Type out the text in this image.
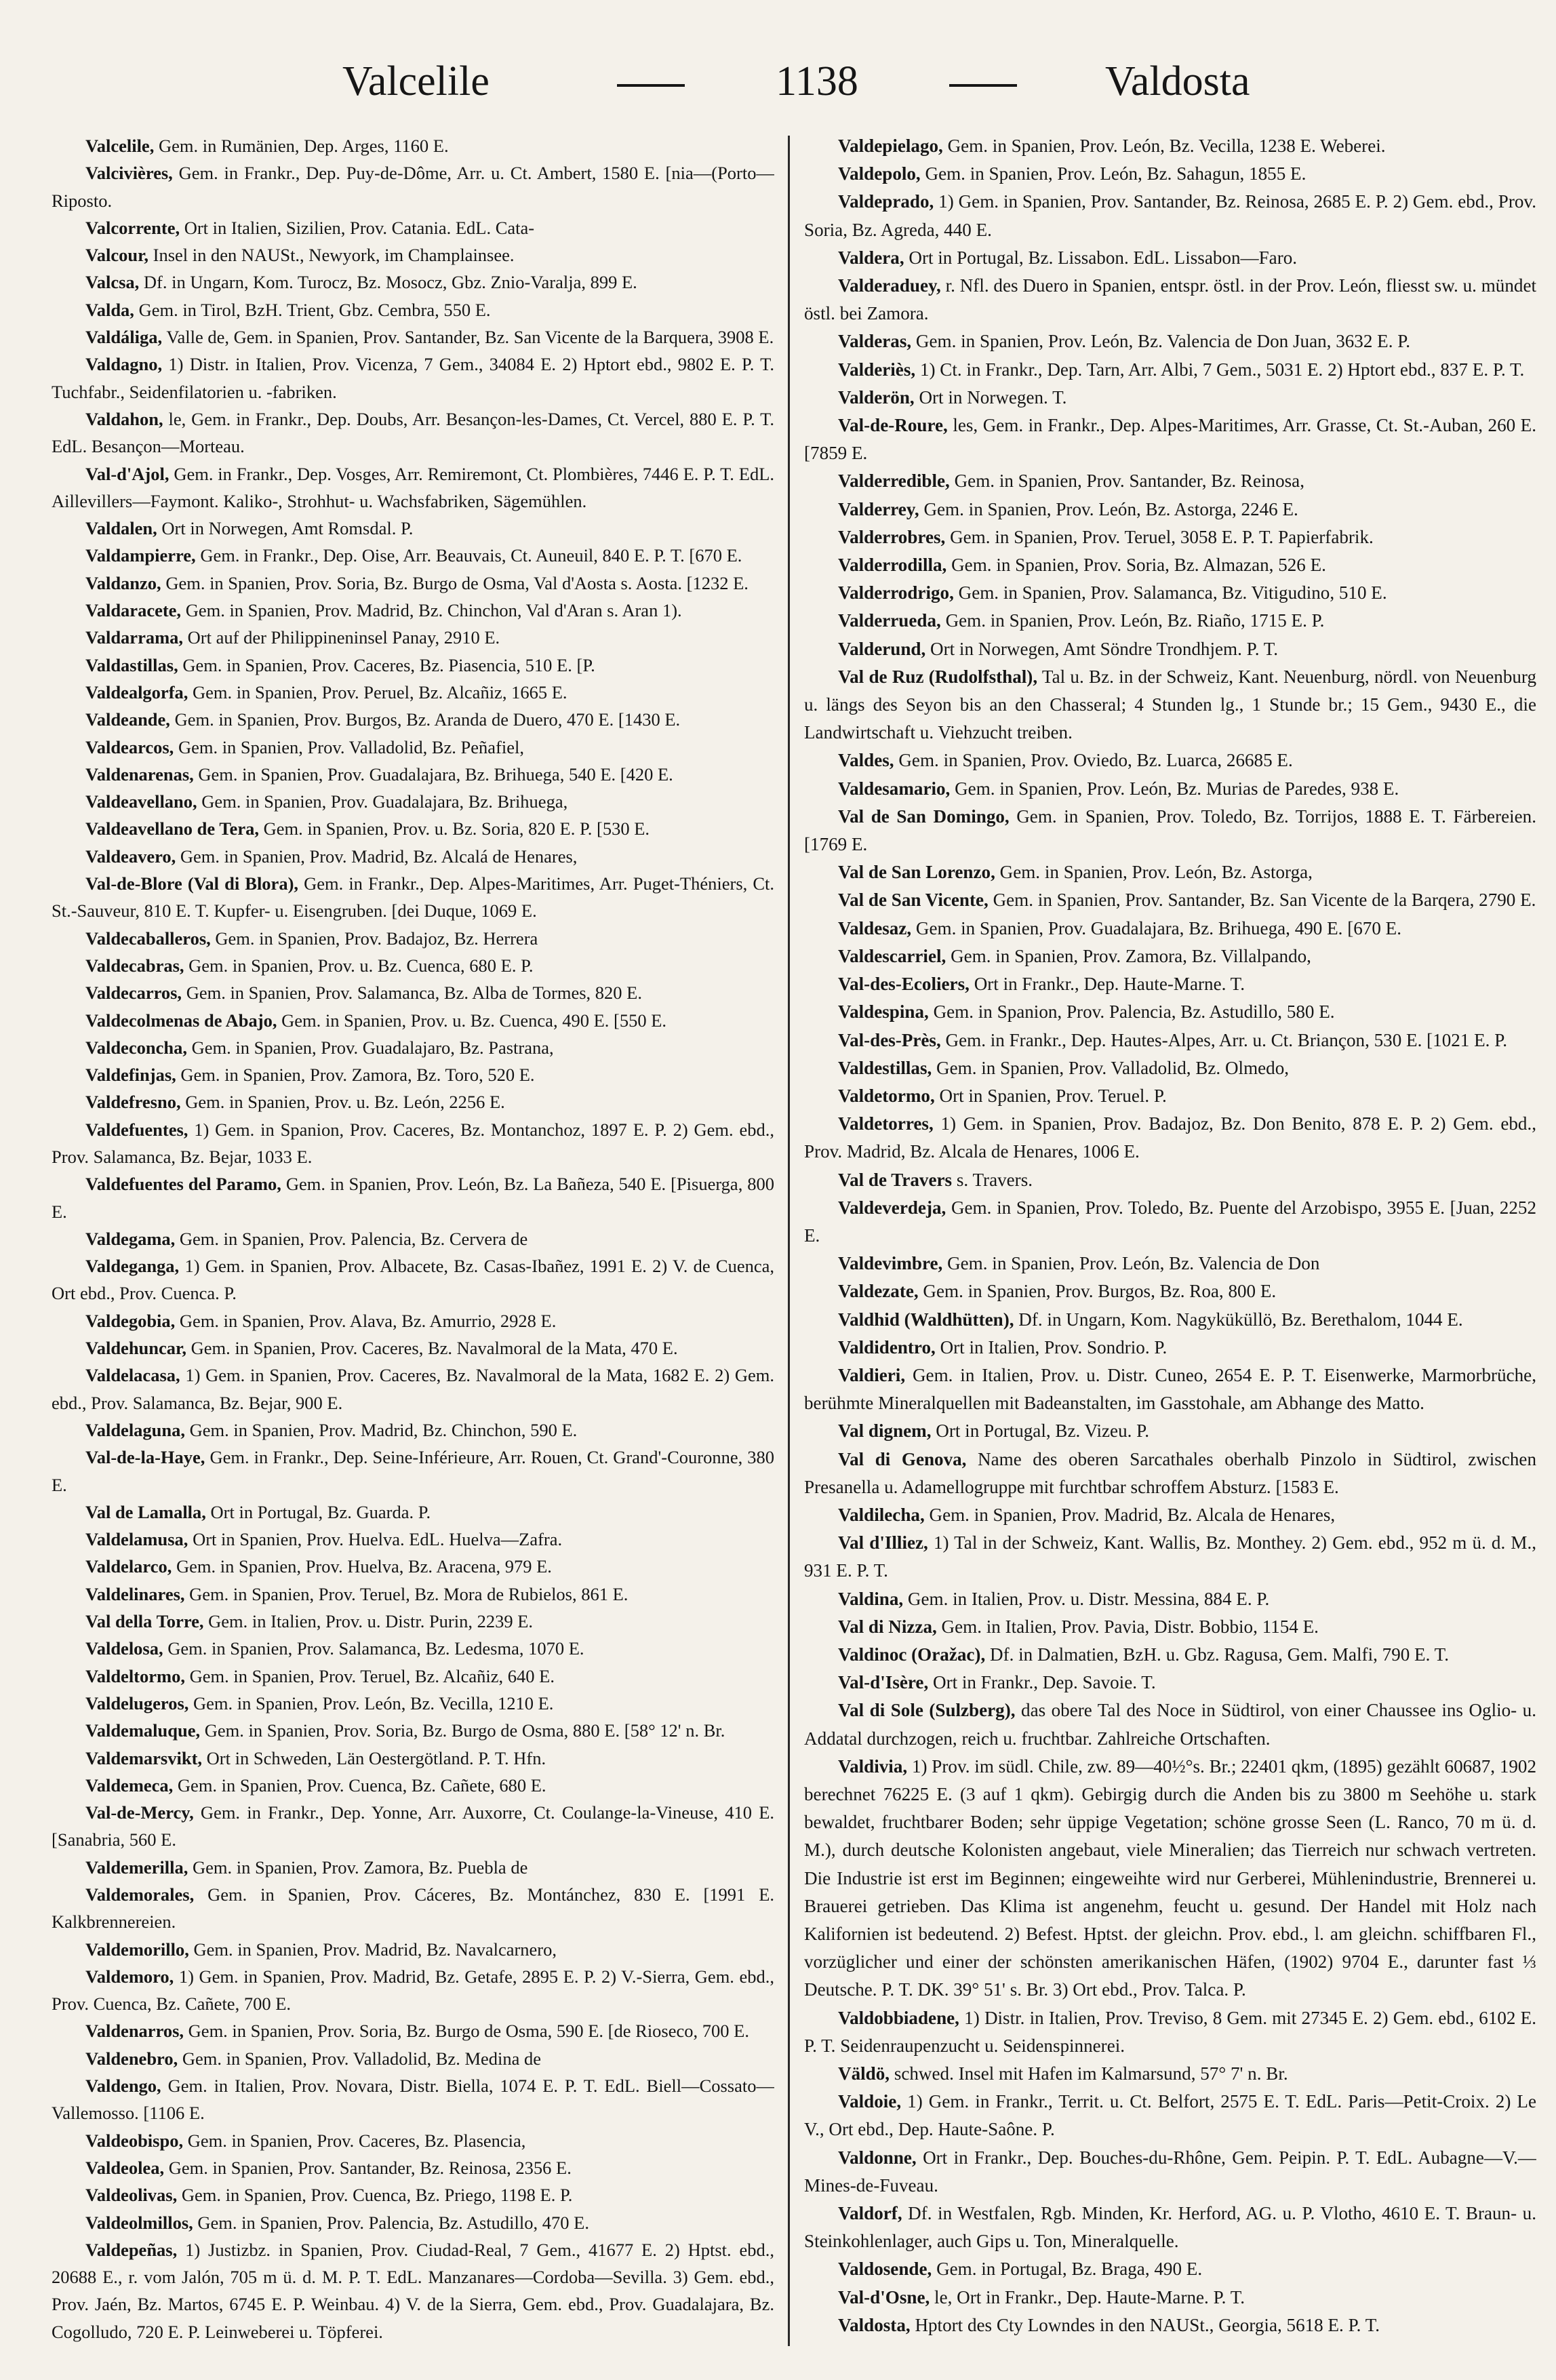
Valcelile	1138	Valdosta

Valcelile, Gem. in Rumänien, Dep. Arges, 1160 E.

Valcivières, Gem. in Frankr., Dep. Puy-de-Dôme, Arr. u. Ct. Ambert, 1580 E. [nia—(Porto—Riposto.

Valcorrente, Ort in Italien, Sizilien, Prov. Catania. EdL. Cata-

Valcour, Insel in den NAUSt., Newyork, im Champlainsee.

Valcsa, Df. in Ungarn, Kom. Turocz, Bz. Mosocz, Gbz. Znio-Varalja, 899 E.

Valda, Gem. in Tirol, BzH. Trient, Gbz. Cembra, 550 E.

Valdáliga, Valle de, Gem. in Spanien, Prov. Santander, Bz. San Vicente de la Barquera, 3908 E.

Valdagno, 1) Distr. in Italien, Prov. Vicenza, 7 Gem., 34084 E. 2) Hptort ebd., 9802 E. P. T. Tuchfabr., Seidenfilatorien u. -fabriken.

Valdahon, le, Gem. in Frankr., Dep. Doubs, Arr. Besançon-les-Dames, Ct. Vercel, 880 E. P. T. EdL. Besançon—Morteau.

Val-d'Ajol, Gem. in Frankr., Dep. Vosges, Arr. Remiremont, Ct. Plombières, 7446 E. P. T. EdL. Aillevillers—Faymont. Kaliko-, Strohhut- u. Wachsfabriken, Sägemühlen.

Valdalen, Ort in Norwegen, Amt Romsdal. P.

Valdampierre, Gem. in Frankr., Dep. Oise, Arr. Beauvais, Ct. Auneuil, 840 E. P. T. [670 E.

Valdanzo, Gem. in Spanien, Prov. Soria, Bz. Burgo de Osma, Val d'Aosta s. Aosta. [1232 E.

Valdaracete, Gem. in Spanien, Prov. Madrid, Bz. Chinchon, Val d'Aran s. Aran 1).

Valdarrama, Ort auf der Philippineninsel Panay, 2910 E.

Valdastillas, Gem. in Spanien, Prov. Caceres, Bz. Piasencia, 510 E. [P.

Valdealgorfa, Gem. in Spanien, Prov. Peruel, Bz. Alcañiz, 1665 E.

Valdeande, Gem. in Spanien, Prov. Burgos, Bz. Aranda de Duero, 470 E. [1430 E.

Valdearcos, Gem. in Spanien, Prov. Valladolid, Bz. Peñafiel,

Valdenarenas, Gem. in Spanien, Prov. Guadalajara, Bz. Brihuega, 540 E. [420 E.

Valdeavellano, Gem. in Spanien, Prov. Guadalajara, Bz. Brihuega,

Valdeavellano de Tera, Gem. in Spanien, Prov. u. Bz. Soria, 820 E. P. [530 E.

Valdeavero, Gem. in Spanien, Prov. Madrid, Bz. Alcalá de Henares,

Val-de-Blore (Val di Blora), Gem. in Frankr., Dep. Alpes-Maritimes, Arr. Puget-Théniers, Ct. St.-Sauveur, 810 E. T. Kupfer- u. Eisengruben. [dei Duque, 1069 E.

Valdecaballeros, Gem. in Spanien, Prov. Badajoz, Bz. Herrera

Valdecabras, Gem. in Spanien, Prov. u. Bz. Cuenca, 680 E. P.

Valdecarros, Gem. in Spanien, Prov. Salamanca, Bz. Alba de Tormes, 820 E.

Valdecolmenas de Abajo, Gem. in Spanien, Prov. u. Bz. Cuenca, 490 E. [550 E.

Valdeconcha, Gem. in Spanien, Prov. Guadalajaro, Bz. Pastrana,

Valdefinjas, Gem. in Spanien, Prov. Zamora, Bz. Toro, 520 E.

Valdefresno, Gem. in Spanien, Prov. u. Bz. León, 2256 E.

Valdefuentes, 1) Gem. in Spanion, Prov. Caceres, Bz. Montanchoz, 1897 E. P. 2) Gem. ebd., Prov. Salamanca, Bz. Bejar, 1033 E.

Valdefuentes del Paramo, Gem. in Spanien, Prov. León, Bz. La Bañeza, 540 E. [Pisuerga, 800 E.

Valdegama, Gem. in Spanien, Prov. Palencia, Bz. Cervera de

Valdeganga, 1) Gem. in Spanien, Prov. Albacete, Bz. Casas-Ibañez, 1991 E. 2) V. de Cuenca, Ort ebd., Prov. Cuenca. P.

Valdegobia, Gem. in Spanien, Prov. Alava, Bz. Amurrio, 2928 E.

Valdehuncar, Gem. in Spanien, Prov. Caceres, Bz. Navalmoral de la Mata, 470 E.

Valdelacasa, 1) Gem. in Spanien, Prov. Caceres, Bz. Navalmoral de la Mata, 1682 E. 2) Gem. ebd., Prov. Salamanca, Bz. Bejar, 900 E.

Valdelaguna, Gem. in Spanien, Prov. Madrid, Bz. Chinchon, 590 E.

Val-de-la-Haye, Gem. in Frankr., Dep. Seine-Inférieure, Arr. Rouen, Ct. Grand'-Couronne, 380 E.

Val de Lamalla, Ort in Portugal, Bz. Guarda. P.

Valdelamusa, Ort in Spanien, Prov. Huelva. EdL. Huelva—Zafra.

Valdelarco, Gem. in Spanien, Prov. Huelva, Bz. Aracena, 979 E.

Valdelinares, Gem. in Spanien, Prov. Teruel, Bz. Mora de Rubielos, 861 E.

Val della Torre, Gem. in Italien, Prov. u. Distr. Purin, 2239 E.

Valdelosa, Gem. in Spanien, Prov. Salamanca, Bz. Ledesma, 1070 E.

Valdeltormo, Gem. in Spanien, Prov. Teruel, Bz. Alcañiz, 640 E.

Valdelugeros, Gem. in Spanien, Prov. León, Bz. Vecilla, 1210 E.

Valdemaluque, Gem. in Spanien, Prov. Soria, Bz. Burgo de Osma, 880 E. [58° 12' n. Br.

Valdemarsvikt, Ort in Schweden, Län Oestergötland. P. T. Hfn.

Valdemeca, Gem. in Spanien, Prov. Cuenca, Bz. Cañete, 680 E.

Val-de-Mercy, Gem. in Frankr., Dep. Yonne, Arr. Auxorre, Ct. Coulange-la-Vineuse, 410 E. [Sanabria, 560 E.

Valdemerilla, Gem. in Spanien, Prov. Zamora, Bz. Puebla de

Valdemorales, Gem. in Spanien, Prov. Cáceres, Bz. Montánchez, 830 E. [1991 E. Kalkbrennereien.

Valdemorillo, Gem. in Spanien, Prov. Madrid, Bz. Navalcarnero,

Valdemoro, 1) Gem. in Spanien, Prov. Madrid, Bz. Getafe, 2895 E. P. 2) V.-Sierra, Gem. ebd., Prov. Cuenca, Bz. Cañete, 700 E.

Valdenarros, Gem. in Spanien, Prov. Soria, Bz. Burgo de Osma, 590 E. [de Rioseco, 700 E.

Valdenebro, Gem. in Spanien, Prov. Valladolid, Bz. Medina de

Valdengo, Gem. in Italien, Prov. Novara, Distr. Biella, 1074 E. P. T. EdL. Biell—Cossato—Vallemosso. [1106 E.

Valdeobispo, Gem. in Spanien, Prov. Caceres, Bz. Plasencia,

Valdeolea, Gem. in Spanien, Prov. Santander, Bz. Reinosa, 2356 E.

Valdeolivas, Gem. in Spanien, Prov. Cuenca, Bz. Priego, 1198 E. P.

Valdeolmillos, Gem. in Spanien, Prov. Palencia, Bz. Astudillo, 470 E.

Valdepeñas, 1) Justizbz. in Spanien, Prov. Ciudad-Real, 7 Gem., 41677 E. 2) Hptst. ebd., 20688 E., r. vom Jalón, 705 m ü. d. M. P. T. EdL. Manzanares—Cordoba—Sevilla. 3) Gem. ebd., Prov. Jaén, Bz. Martos, 6745 E. P. Weinbau. 4) V. de la Sierra, Gem. ebd., Prov. Guadalajara, Bz. Cogolludo, 720 E. P. Leinweberei u. Töpferei.

Valdepielago, Gem. in Spanien, Prov. León, Bz. Vecilla, 1238 E. Weberei.

Valdepolo, Gem. in Spanien, Prov. León, Bz. Sahagun, 1855 E.

Valdeprado, 1) Gem. in Spanien, Prov. Santander, Bz. Reinosa, 2685 E. P. 2) Gem. ebd., Prov. Soria, Bz. Agreda, 440 E.

Valdera, Ort in Portugal, Bz. Lissabon. EdL. Lissabon—Faro.

Valderaduey, r. Nfl. des Duero in Spanien, entspr. östl. in der Prov. León, fliesst sw. u. mündet östl. bei Zamora.

Valderas, Gem. in Spanien, Prov. León, Bz. Valencia de Don Juan, 3632 E. P.

Valderiès, 1) Ct. in Frankr., Dep. Tarn, Arr. Albi, 7 Gem., 5031 E. 2) Hptort ebd., 837 E. P. T.

Valderön, Ort in Norwegen. T.

Val-de-Roure, les, Gem. in Frankr., Dep. Alpes-Maritimes, Arr. Grasse, Ct. St.-Auban, 260 E. [7859 E.

Valderredible, Gem. in Spanien, Prov. Santander, Bz. Reinosa,

Valderrey, Gem. in Spanien, Prov. León, Bz. Astorga, 2246 E.

Valderrobres, Gem. in Spanien, Prov. Teruel, 3058 E. P. T. Papierfabrik.

Valderrodilla, Gem. in Spanien, Prov. Soria, Bz. Almazan, 526 E.

Valderrodrigo, Gem. in Spanien, Prov. Salamanca, Bz. Vitigudino, 510 E.

Valderrueda, Gem. in Spanien, Prov. León, Bz. Riaño, 1715 E. P.

Valderund, Ort in Norwegen, Amt Söndre Trondhjem. P. T.

Val de Ruz (Rudolfsthal), Tal u. Bz. in der Schweiz, Kant. Neuenburg, nördl. von Neuenburg u. längs des Seyon bis an den Chasseral; 4 Stunden lg., 1 Stunde br.; 15 Gem., 9430 E., die Landwirtschaft u. Viehzucht treiben.

Valdes, Gem. in Spanien, Prov. Oviedo, Bz. Luarca, 26685 E.

Valdesamario, Gem. in Spanien, Prov. León, Bz. Murias de Paredes, 938 E.

Val de San Domingo, Gem. in Spanien, Prov. Toledo, Bz. Torrijos, 1888 E. T. Färbereien. [1769 E.

Val de San Lorenzo, Gem. in Spanien, Prov. León, Bz. Astorga,

Val de San Vicente, Gem. in Spanien, Prov. Santander, Bz. San Vicente de la Barqera, 2790 E.

Valdesaz, Gem. in Spanien, Prov. Guadalajara, Bz. Brihuega, 490 E. [670 E.

Valdescarriel, Gem. in Spanien, Prov. Zamora, Bz. Villalpando,

Val-des-Ecoliers, Ort in Frankr., Dep. Haute-Marne. T.

Valdespina, Gem. in Spanion, Prov. Palencia, Bz. Astudillo, 580 E.

Val-des-Près, Gem. in Frankr., Dep. Hautes-Alpes, Arr. u. Ct. Briançon, 530 E. [1021 E. P.

Valdestillas, Gem. in Spanien, Prov. Valladolid, Bz. Olmedo,

Valdetormo, Ort in Spanien, Prov. Teruel. P.

Valdetorres, 1) Gem. in Spanien, Prov. Badajoz, Bz. Don Benito, 878 E. P. 2) Gem. ebd., Prov. Madrid, Bz. Alcala de Henares, 1006 E.

Val de Travers s. Travers.

Valdeverdeja, Gem. in Spanien, Prov. Toledo, Bz. Puente del Arzobispo, 3955 E. [Juan, 2252 E.

Valdevimbre, Gem. in Spanien, Prov. León, Bz. Valencia de Don

Valdezate, Gem. in Spanien, Prov. Burgos, Bz. Roa, 800 E.

Valdhid (Waldhütten), Df. in Ungarn, Kom. Nagyküküllö, Bz. Berethalom, 1044 E.

Valdidentro, Ort in Italien, Prov. Sondrio. P.

Valdieri, Gem. in Italien, Prov. u. Distr. Cuneo, 2654 E. P. T. Eisenwerke, Marmorbrüche, berühmte Mineralquellen mit Badeanstalten, im Gasstohale, am Abhange des Matto.

Val dignem, Ort in Portugal, Bz. Vizeu. P.

Val di Genova, Name des oberen Sarcathales oberhalb Pinzolo in Südtirol, zwischen Presanella u. Adamellogruppe mit furchtbar schroffem Absturz. [1583 E.

Valdilecha, Gem. in Spanien, Prov. Madrid, Bz. Alcala de Henares,

Val d'Illiez, 1) Tal in der Schweiz, Kant. Wallis, Bz. Monthey. 2) Gem. ebd., 952 m ü. d. M., 931 E. P. T.

Valdina, Gem. in Italien, Prov. u. Distr. Messina, 884 E. P.

Val di Nizza, Gem. in Italien, Prov. Pavia, Distr. Bobbio, 1154 E.

Valdinoc (Oražac), Df. in Dalmatien, BzH. u. Gbz. Ragusa, Gem. Malfi, 790 E. T.

Val-d'Isère, Ort in Frankr., Dep. Savoie. T.

Val di Sole (Sulzberg), das obere Tal des Noce in Südtirol, von einer Chaussee ins Oglio- u. Addatal durchzogen, reich u. fruchtbar. Zahlreiche Ortschaften.

Valdivia, 1) Prov. im südl. Chile, zw. 89—40½°s. Br.; 22401 qkm, (1895) gezählt 60687, 1902 berechnet 76225 E. (3 auf 1 qkm). Gebirgig durch die Anden bis zu 3800 m Seehöhe u. stark bewaldet, fruchtbarer Boden; sehr üppige Vegetation; schöne grosse Seen (L. Ranco, 70 m ü. d. M.), durch deutsche Kolonisten angebaut, viele Mineralien; das Tierreich nur schwach vertreten. Die Industrie ist erst im Beginnen; eingeweihte wird nur Gerberei, Mühlenindustrie, Brennerei u. Brauerei getrieben. Das Klima ist angenehm, feucht u. gesund. Der Handel mit Holz nach Kalifornien ist bedeutend. 2) Befest. Hptst. der gleichn. Prov. ebd., l. am gleichn. schiffbaren Fl., vorzüglicher und einer der schönsten amerikanischen Häfen, (1902) 9704 E., darunter fast ⅓ Deutsche. P. T. DK. 39° 51' s. Br. 3) Ort ebd., Prov. Talca. P.

Valdobbiadene, 1) Distr. in Italien, Prov. Treviso, 8 Gem. mit 27345 E. 2) Gem. ebd., 6102 E. P. T. Seidenraupenzucht u. Seidenspinnerei.

Väldö, schwed. Insel mit Hafen im Kalmarsund, 57° 7' n. Br.

Valdoie, 1) Gem. in Frankr., Territ. u. Ct. Belfort, 2575 E. T. EdL. Paris—Petit-Croix. 2) Le V., Ort ebd., Dep. Haute-Saône. P.

Valdonne, Ort in Frankr., Dep. Bouches-du-Rhône, Gem. Peipin. P. T. EdL. Aubagne—V.—Mines-de-Fuveau.

Valdorf, Df. in Westfalen, Rgb. Minden, Kr. Herford, AG. u. P. Vlotho, 4610 E. T. Braun- u. Steinkohlenlager, auch Gips u. Ton, Mineralquelle.

Valdosende, Gem. in Portugal, Bz. Braga, 490 E.

Val-d'Osne, le, Ort in Frankr., Dep. Haute-Marne. P. T.

Valdosta, Hptort des Cty Lowndes in den NAUSt., Georgia, 5618 E. P. T.
